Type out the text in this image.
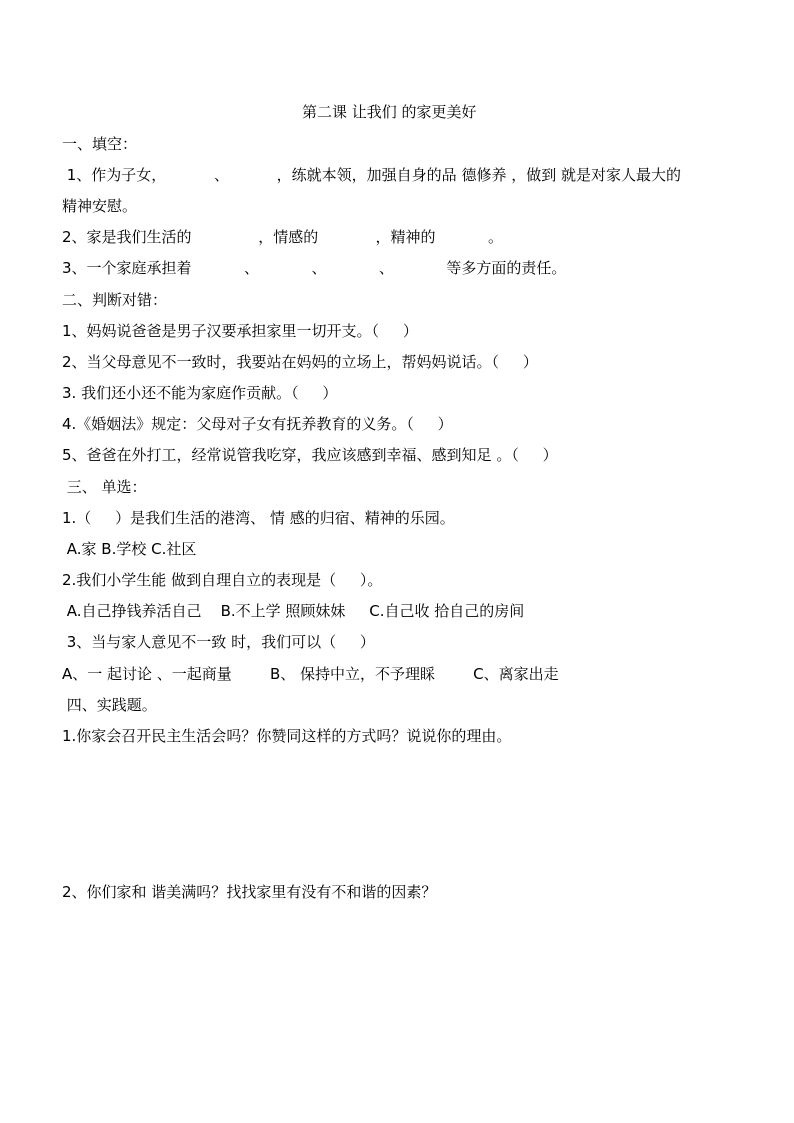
第二课 让我们 的家更美好
一、填空：
1、作为子女，          、          ，练就本领，加强自身的品 德修养 ，做到 就是对家人最大的
精神安慰。
2、家是我们生活的              ，情感的            ，精神的           。
3、一个家庭承担着           、           、           、           等多方面的责任。
二、判断对错：
1、妈妈说爸爸是男子汉要承担家里一切开支。（     ）
2、当父母意见不一致时，我要站在妈妈的立场上，帮妈妈说话。（     ）
3. 我们还小还不能为家庭作贡献。（     ）
4.《婚姻法》规定：父母对子女有抚养教育的义务。（     ）
5、爸爸在外打工，经常说管我吃穿，我应该感到幸福、感到知足 。（     ）
三、 单选：
1.（     ）是我们生活的港湾、 情 感的归宿、精神的乐园。
A.家 B.学校 C.社区
2.我们小学生能 做到自理自立的表现是（     ）。
A.自己挣钱养活自己    B.不上学 照顾妹妹     C.自己收 拾自己的房间
3、当与家人意见不一致 时，我们可以（     ）
A、一 起讨论 、一起商量        B、 保持中立，不予理睬        C、离家出走
四、实践题。
1.你家会召开民主生活会吗？你赞同这样的方式吗？说说你的理由。
2、你们家和 谐美满吗？找找家里有没有不和谐的因素？
